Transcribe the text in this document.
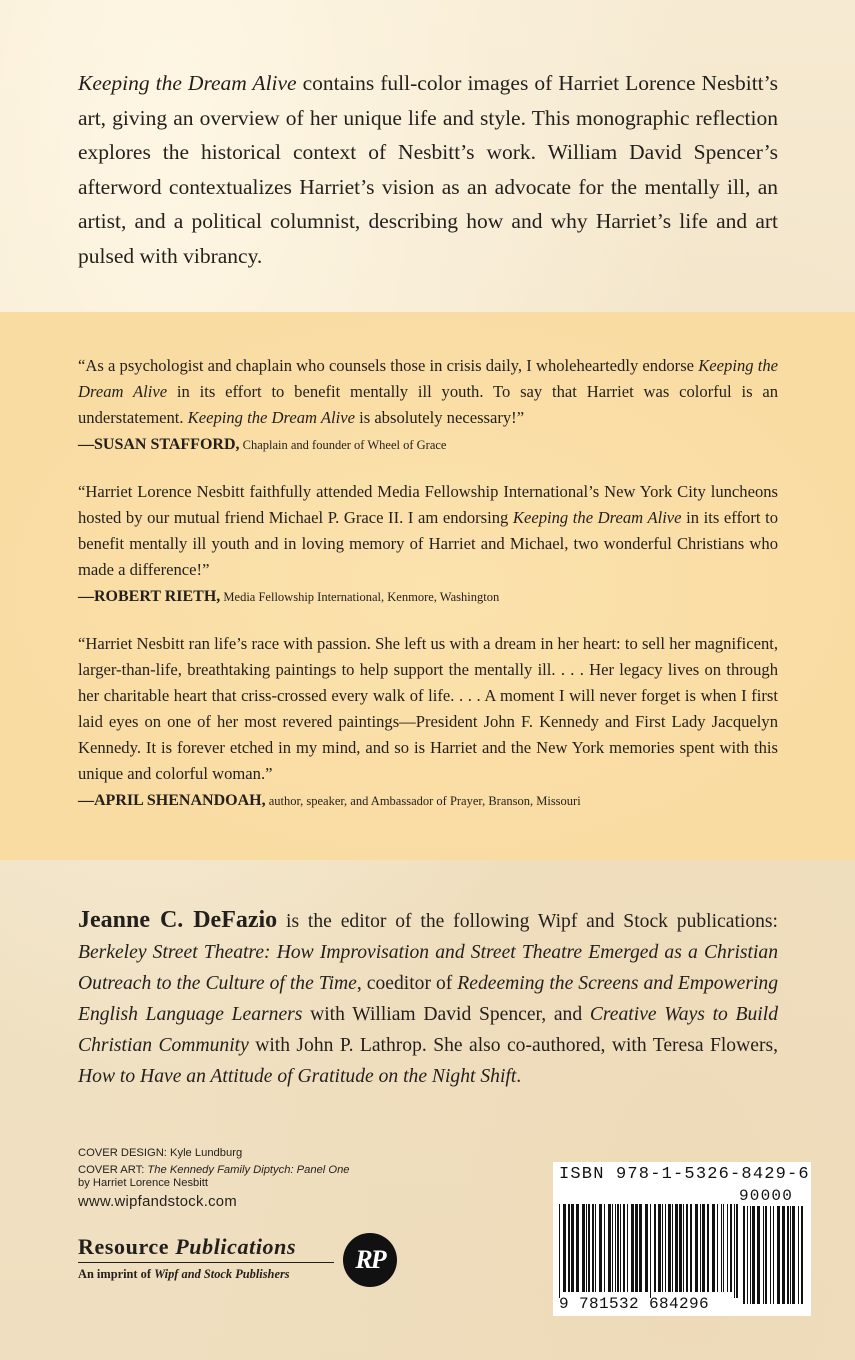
Keeping the Dream Alive contains full-color images of Harriet Lorence Nesbitt’s art, giving an overview of her unique life and style. This monographic reflection explores the historical context of Nesbitt’s work. William David Spencer’s afterword contextualizes Harriet’s vision as an advocate for the mentally ill, an artist, and a political columnist, describing how and why Harriet’s life and art pulsed with vibrancy.

“As a psychologist and chaplain who counsels those in crisis daily, I wholeheartedly endorse Keeping the Dream Alive in its effort to benefit mentally ill youth. To say that Harriet was colorful is an understatement. Keeping the Dream Alive is absolutely necessary!”

—SUSAN STAFFORD, Chaplain and founder of Wheel of Grace

“Harriet Lorence Nesbitt faithfully attended Media Fellowship International’s New York City luncheons hosted by our mutual friend Michael P. Grace II. I am endorsing Keeping the Dream Alive in its effort to benefit mentally ill youth and in loving memory of Harriet and Michael, two wonderful Christians who made a difference!”

—ROBERT RIETH, Media Fellowship International, Kenmore, Washington

“Harriet Nesbitt ran life’s race with passion. She left us with a dream in her heart: to sell her magnificent, larger-than-life, breathtaking paintings to help support the mentally ill. . . . Her legacy lives on through her charitable heart that criss-crossed every walk of life. . . . A moment I will never forget is when I first laid eyes on one of her most revered paintings—President John F. Kennedy and First Lady Jacquelyn Kennedy. It is forever etched in my mind, and so is Harriet and the New York memories spent with this unique and colorful woman.”

—APRIL SHENANDOAH, author, speaker, and Ambassador of Prayer, Branson, Missouri
Jeanne C. DeFazio is the editor of the following Wipf and Stock publications: Berkeley Street Theatre: How Improvisation and Street Theatre Emerged as a Christian Outreach to the Culture of the Time, coeditor of Redeeming the Screens and Empowering English Language Learners with William David Spencer, and Creative Ways to Build Christian Community with John P. Lathrop. She also co-authored, with Teresa Flowers, How to Have an Attitude of Gratitude on the Night Shift.
COVER DESIGN: Kyle Lundburg
COVER ART: The Kennedy Family Diptych: Panel One
by Harriet Lorence Nesbitt
www.wipfandstock.com
Resource Publications
An imprint of Wipf and Stock Publishers	RP
ISBN 978-1-5326-8429-6
90000
9 781532 684296
